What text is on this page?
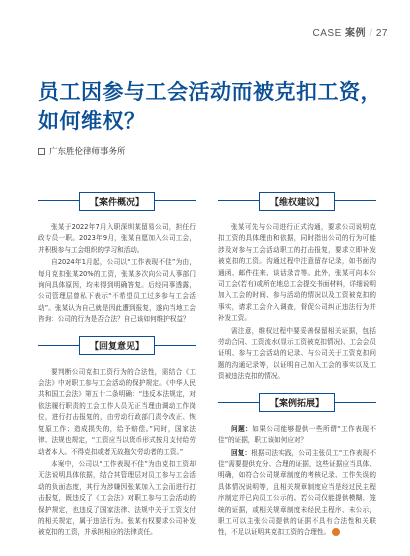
CASE 案例 / 27
员工因参与工会活动而被克扣工资，
如何维权？
广东胜伦律师事务所
【案件概况】

张某于2022年7月入职深圳某留易公司，担任行政专员一职。2023年9月，张某自愿加入公司工会，并积极参与工会组织的学习和活动。

自2024年1月起，公司以“工作表现不佳”为由，每月克扣张某20%的工资，张某多次向公司人事部门询问具体原因，均未得到明确答复。后经同事透露，公司管理层曾私下表示“不希望员工过多参与工会活动”。张某认为自己就是因此遭到报复，遂向当地工会咨询：公司的行为是否合法？自己该如何维护权益？

【回复意见】

要判断公司克扣工资行为的合法性，需结合《工会法》中对职工参与工会活动的保护规定。《中华人民共和国工会法》第五十二条明确：“违反本法规定，对依法履行职责的工会工作人员无正当理由调动工作岗位，进行打击报复的，由劳动行政部门责令改正、恢复原工作；造成损失的，给予赔偿。”同时，国家法律、法规也规定，“工资应当以货币形式按月支付给劳动者本人。不得克扣或者无故拖欠劳动者的工资。”

本案中，公司以“工作表现不佳”为由克扣工资却无法说明具体依据，结合其管理层对员工参与工会活动的负面态度，其行为涉嫌因张某加入工会而进行打击报复，既违反了《工会法》对职工参与工会活动的保护规定，也违反了国家法律、法规中关于工资支付的相关规定，属于违法行为。张某有权要求公司补发被克扣的工资，并承担相应的法律责任。

【维权建议】

张某可先与公司进行正式沟通，要求公司说明克扣工资的具体理由和依据，同时指出公司的行为可能涉及对参与工会活动职工的打击报复，要求立即补发被克扣的工资。沟通过程中注意留存记录，如书面沟通函、邮件往来、谈话录音等。此外，张某可向本公司工会(若有)或所在地总工会提交书面材料，详细说明加入工会的时间、参与活动的情况以及工资被克扣的事实，请求工会介入调查，督促公司纠正违法行为并补发工资。

需注意，维权过程中要妥善保留相关证据，包括劳动合同、工资流水(显示工资被克扣情况)、工会会员证明、参与工会活动的记录、与公司关于工资克扣问题的沟通记录等，以证明自己加入工会的事实以及工资被违法克扣的情况。

【案例拓展】

问题：如果公司能够提供一些所谓“工作表现不佳”的证据，职工该如何应对？

回复：根据司法实践，公司主张员工“工作表现不佳”需要提供充分、合理的证据，这些证据应当具体、明确，如符合公司规章制度的考核记录、工作失误的具体情况说明等，且相关规章制度应当是经过民主程序制定并已向员工公示的。若公司仅能提供模糊、笼统的证据，或相关规章制度未经民主程序、未公示，职工可以主张公司提供的证据不具有合法性和关联性，不足以证明其克扣工资的合理性。
